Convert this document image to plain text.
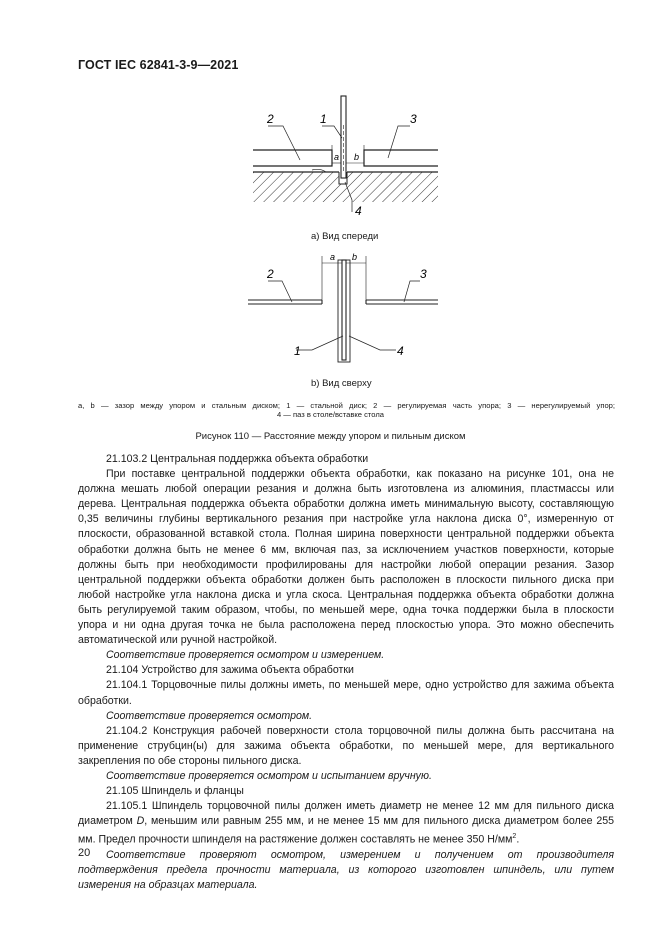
ГОСТ IEC 62841-3-9—2021
2	1	3
4
a b
2	3
1	4
a b
a) Вид спереди
b) Вид сверху
a, b — зазор между упором и стальным диском; 1 — стальной диск; 2 — регулируемая часть упора; 3 — нерегулируемый упор;
4 — паз в столе/вставке стола
Рисунок 110 — Расстояние между упором и пильным диском

21.103.2 Центральная поддержка объекта обработки

При поставке центральной поддержки объекта обработки, как показано на рисунке 101, она не должна мешать любой операции резания и должна быть изготовлена из алюминия, пластмассы или дерева. Центральная поддержка объекта обработки должна иметь минимальную высоту, составляющую 0,35 величины глубины вертикального резания при настройке угла наклона диска 0°, измеренную от плоскости, образованной вставкой стола. Полная ширина поверхности центральной поддержки объекта обработки должна быть не менее 6 мм, включая паз, за исключением участков поверхности, которые должны быть при необходимости профилированы для настройки любой операции резания. Зазор центральной поддержки объекта обработки должен быть расположен в плоскости пильного диска при любой настройке угла наклона диска и угла скоса. Центральная поддержка объекта обработки должна быть регулируемой таким образом, чтобы, по меньшей мере, одна точка поддержки была в плоскости упора и ни одна другая точка не была расположена перед плоскостью упора. Это можно обеспечить автоматической или ручной настройкой.

Соответствие проверяется осмотром и измерением.

21.104 Устройство для зажима объекта обработки

21.104.1 Торцовочные пилы должны иметь, по меньшей мере, одно устройство для зажима объекта обработки.

Соответствие проверяется осмотром.

21.104.2 Конструкция рабочей поверхности стола торцовочной пилы должна быть рассчитана на применение струбцин(ы) для зажима объекта обработки, по меньшей мере, для вертикального закрепления по обе стороны пильного диска.

Соответствие проверяется осмотром и испытанием вручную.

21.105 Шпиндель и фланцы

21.105.1 Шпиндель торцовочной пилы должен иметь диаметр не менее 12 мм для пильного диска диаметром D, меньшим или равным 255 мм, и не менее 15 мм для пильного диска диаметром более 255 мм. Предел прочности шпинделя на растяжение должен составлять не менее 350 $Н/мм^2$.

Соответствие проверяют осмотром, измерением и получением от производителя подтверждения предела прочности материала, из которого изготовлен шпиндель, или путем измерения на образцах материала.

20
